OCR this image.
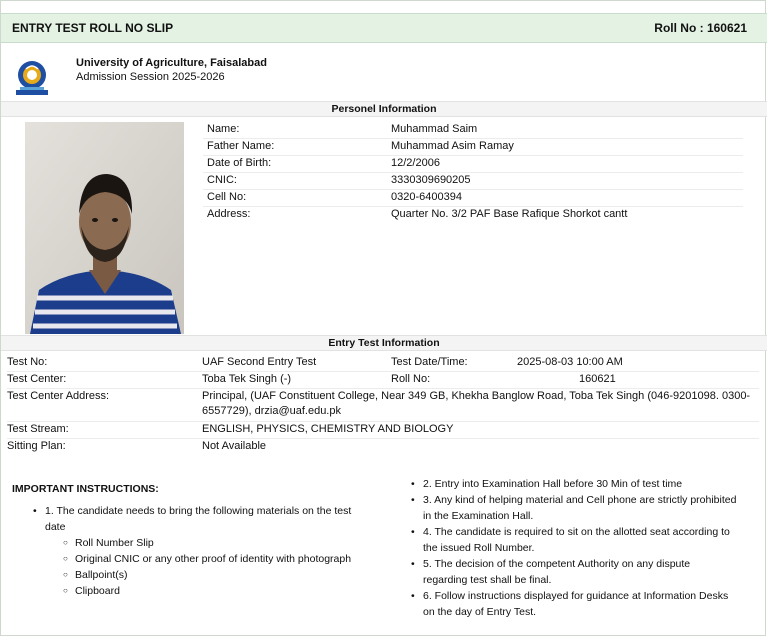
ENTRY TEST ROLL NO SLIP	Roll No : 160621
University of Agriculture, Faisalabad
Admission Session 2025-2026
Personel Information
Name:	Muhammad Saim
Father Name:	Muhammad Asim Ramay
Date of Birth:	12/2/2006
CNIC:	3330309690205
Cell No:	0320-6400394
Address:	Quarter No. 3/2 PAF Base Rafique Shorkot cantt
Entry Test Information
Test No:	UAF Second Entry Test	Test Date/Time:	2025-08-03 10:00 AM
Test Center:	Toba Tek Singh (-)	Roll No:	160621
Test Center Address:	Principal, (UAF Constituent College, Near 349 GB, Khekha Banglow Road, Toba Tek Singh (046-9201098. 0300-
6557729), drzia@uaf.edu.pk
Test Stream:	ENGLISH, PHYSICS, CHEMISTRY AND BIOLOGY
Sitting Plan:	Not Available
IMPORTANT INSTRUCTIONS:
• 1. The candidate needs to bring the following materials on the test
date
○ Roll Number Slip
○ Original CNIC or any other proof of identity with photograph
○ Ballpoint(s)
○ Clipboard
• 2. Entry into Examination Hall before 30 Min of test time
• 3. Any kind of helping material and Cell phone are strictly prohibited
in the Examination Hall.
• 4. The candidate is required to sit on the allotted seat according to
the issued Roll Number.
• 5. The decision of the competent Authority on any dispute
regarding test shall be final.
• 6. Follow instructions displayed for guidance at Information Desks
on the day of Entry Test.
